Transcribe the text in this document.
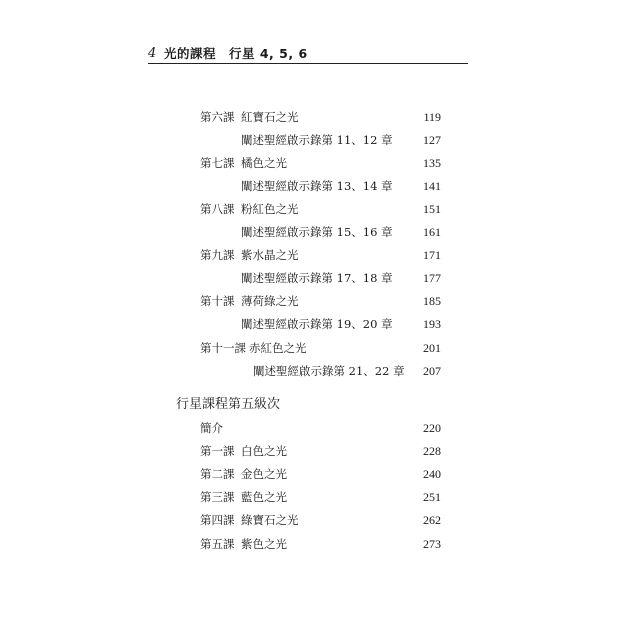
4 光的課程　行星 4, 5, 6
第六課 紅寶石之光	119
闡述聖經啟示錄第 11、12 章	127
第七課 橘色之光	135
闡述聖經啟示錄第 13、14 章	141
第八課 粉紅色之光	151
闡述聖經啟示錄第 15、16 章	161
第九課 紫水晶之光	171
闡述聖經啟示錄第 17、18 章	177
第十課 薄荷綠之光	185
闡述聖經啟示錄第 19、20 章	193
第十一課 赤紅色之光	201
闡述聖經啟示錄第 21、22 章	207
行星課程第五級次
簡介	220
第一課 白色之光	228
第二課 金色之光	240
第三課 藍色之光	251
第四課 綠寶石之光	262
第五課 紫色之光	273
